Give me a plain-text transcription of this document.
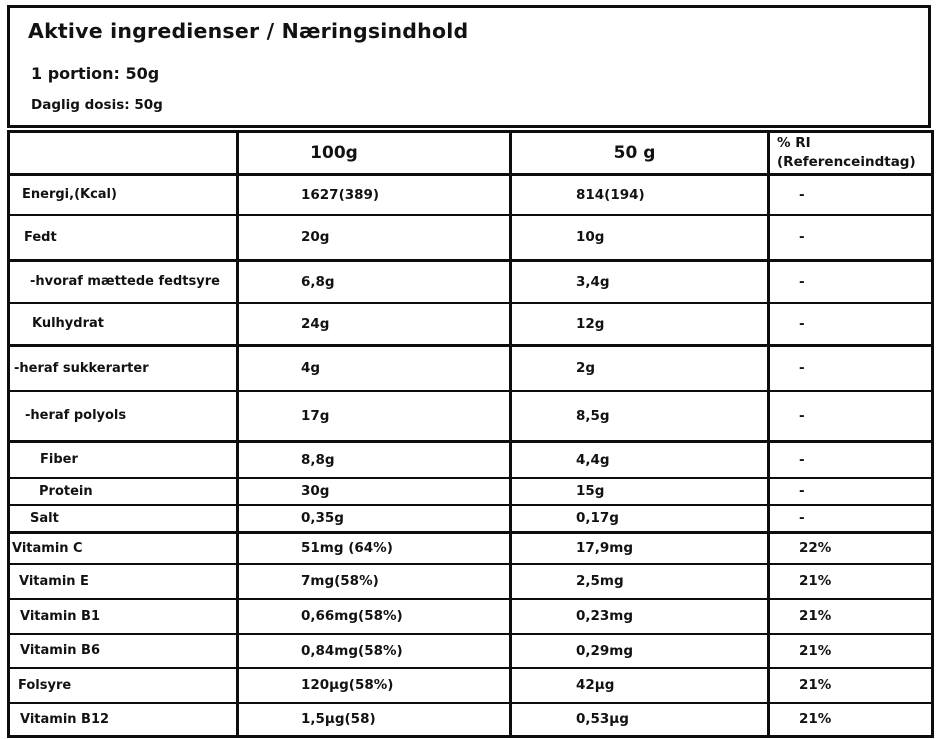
Aktive ingredienser / Næringsindhold
1 portion: 50g
Daglig dosis: 50g
	100g	50 g	% RI
(Referenceindtag)

Energi,(Kcal)	1627(389)	814(194)	-
Fedt	20g	10g	-
-hvoraf mættede fedtsyre	6,8g	3,4g	-
Kulhydrat	24g	12g	-
-heraf sukkerarter	4g	2g	-
-heraf polyols	17g	8,5g	-
Fiber	8,8g	4,4g	-
Protein	30g	15g	-
Salt	0,35g	0,17g	-
Vitamin C	51mg (64%)	17,9mg	22%
Vitamin E	7mg(58%)	2,5mg	21%
Vitamin B1	0,66mg(58%)	0,23mg	21%
Vitamin B6	0,84mg(58%)	0,29mg	21%
Folsyre	120µg(58%)	42µg	21%
Vitamin B12	1,5µg(58)	0,53µg	21%
